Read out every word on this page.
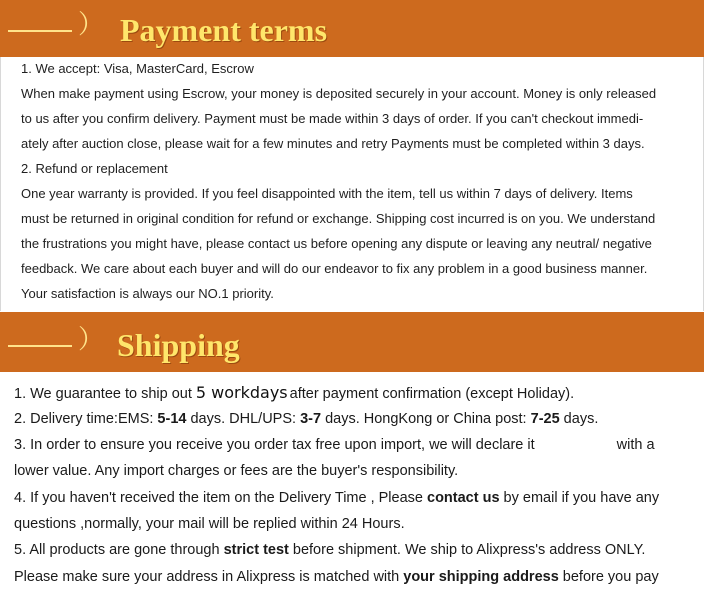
） Payment terms
1. We accept: Visa, MasterCard, Escrow
When make payment using Escrow, your money is deposited securely in your account. Money is only released
to us after you confirm delivery. Payment must be made within 3 days of order. If you can't checkout immedi-
ately after auction close, please wait for a few minutes and retry Payments must be completed within 3 days.
2. Refund or replacement
One year warranty is provided. If you feel disappointed with the item, tell us within 7 days of delivery. Items
must be returned in original condition for refund or exchange. Shipping cost incurred is on you. We understand
the frustrations you might have, please contact us before opening any dispute or leaving any neutral/ negative
feedback. We care about each buyer and will do our endeavor to fix any problem in a good business manner.
Your satisfaction is always our NO.1 priority.
） Shipping
1. We guarantee to ship out 5 workdays after payment confirmation (except Holiday).
2. Delivery time:EMS: 5-14 days. DHL/UPS: 3-7 days. HongKong or China post: 7-25 days.
3. In order to ensure you receive you order tax free upon import, we will declare it	with a
lower value. Any import charges or fees are the buyer's responsibility.
4. If you haven't received the item on the Delivery Time , Please contact us by email if you have any
questions ,normally, your mail will be replied within 24 Hours.
5. All products are gone through strict test before shipment. We ship to Alixpress's address ONLY.
Please make sure your address in Alixpress is matched with your shipping address before you pay
